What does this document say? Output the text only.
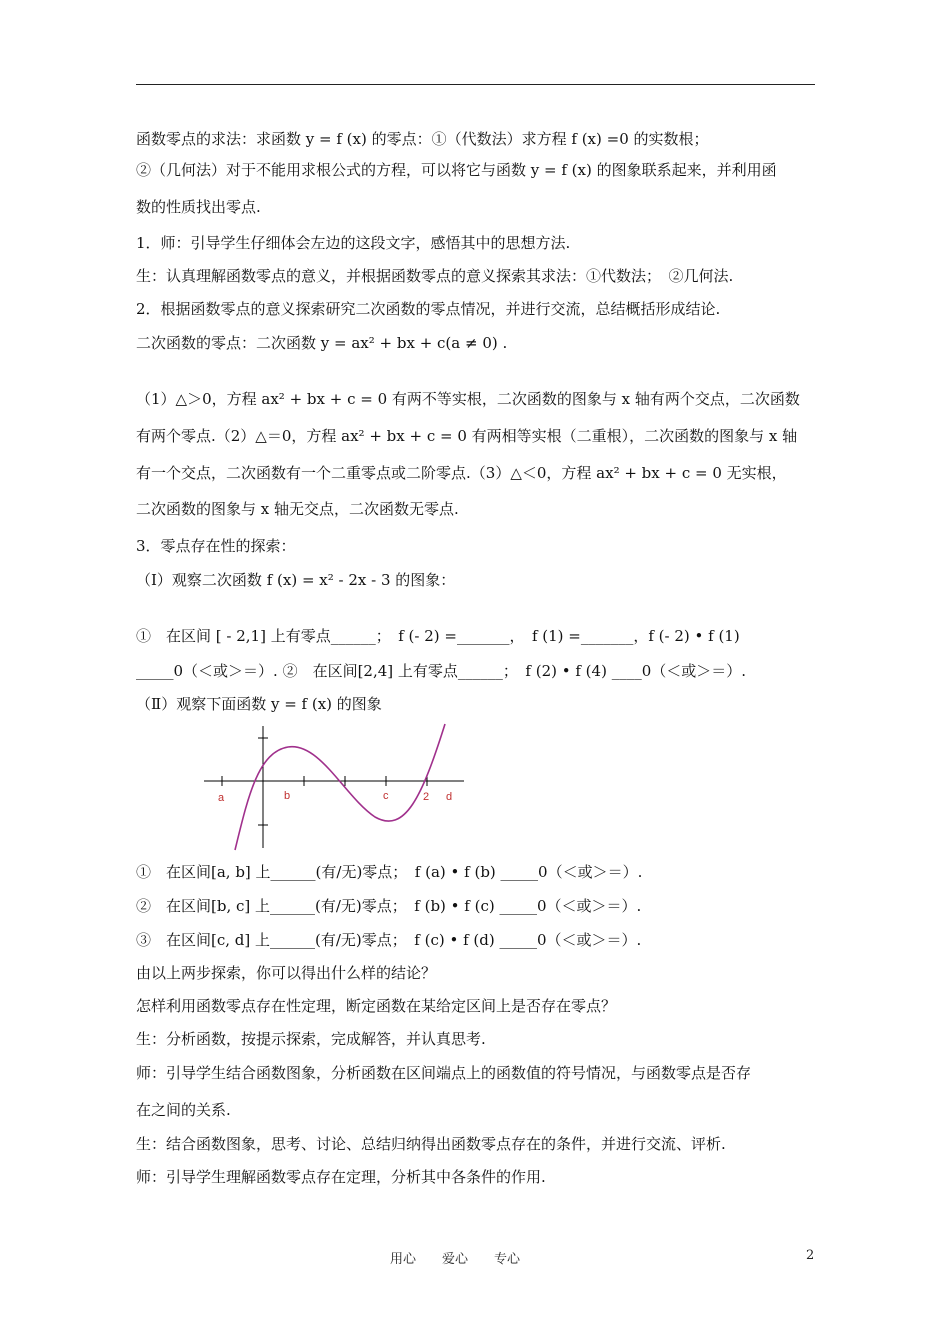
函数零点的求法：求函数 y = f (x) 的零点：①（代数法）求方程 f (x) =0 的实数根；
②（几何法）对于不能用求根公式的方程，可以将它与函数 y = f (x) 的图象联系起来，并利用函
数的性质找出零点.
1．师：引导学生仔细体会左边的这段文字，感悟其中的思想方法.
生：认真理解函数零点的意义，并根据函数零点的意义探索其求法：①代数法；　②几何法.
2．根据函数零点的意义探索研究二次函数的零点情况，并进行交流，总结概括形成结论.
二次函数的零点：二次函数 y = ax² + bx + c(a ≠ 0) .
（1）△＞0，方程 ax² + bx + c = 0 有两不等实根，二次函数的图象与 x 轴有两个交点，二次函数
有两个零点.（2）△＝0，方程 ax² + bx + c = 0 有两相等实根（二重根），二次函数的图象与 x 轴
有一个交点，二次函数有一个二重零点或二阶零点.（3）△＜0，方程 ax² + bx + c = 0 无实根，
二次函数的图象与 x 轴无交点，二次函数无零点.
3．零点存在性的探索：
（Ⅰ）观察二次函数 f (x) = x² - 2x - 3 的图象：
①　在区间 [ - 2,1] 上有零点______；　f (- 2) =_______，　f (1) =_______，f (- 2) • f (1)
_____0（＜或＞＝）. ②　在区间[2,4] 上有零点______；　f (2) • f (4) ____0（＜或＞＝）.
（Ⅱ）观察下面函数 y = f (x) 的图象
a	b	c	2 d
①　在区间[a, b] 上______(有/无)零点；　f (a) • f (b) _____0（＜或＞＝）.
②　在区间[b, c] 上______(有/无)零点；　f (b) • f (c) _____0（＜或＞＝）.
③　在区间[c, d] 上______(有/无)零点；　f (c) • f (d) _____0（＜或＞＝）.
由以上两步探索，你可以得出什么样的结论？
怎样利用函数零点存在性定理，断定函数在某给定区间上是否存在零点？
生：分析函数，按提示探索，完成解答，并认真思考.
师：引导学生结合函数图象，分析函数在区间端点上的函数值的符号情况，与函数零点是否存
在之间的关系.
生：结合函数图象，思考、讨论、总结归纳得出函数零点存在的条件，并进行交流、评析.
师：引导学生理解函数零点存在定理，分析其中各条件的作用.
用心　　爱心　　专心	2
